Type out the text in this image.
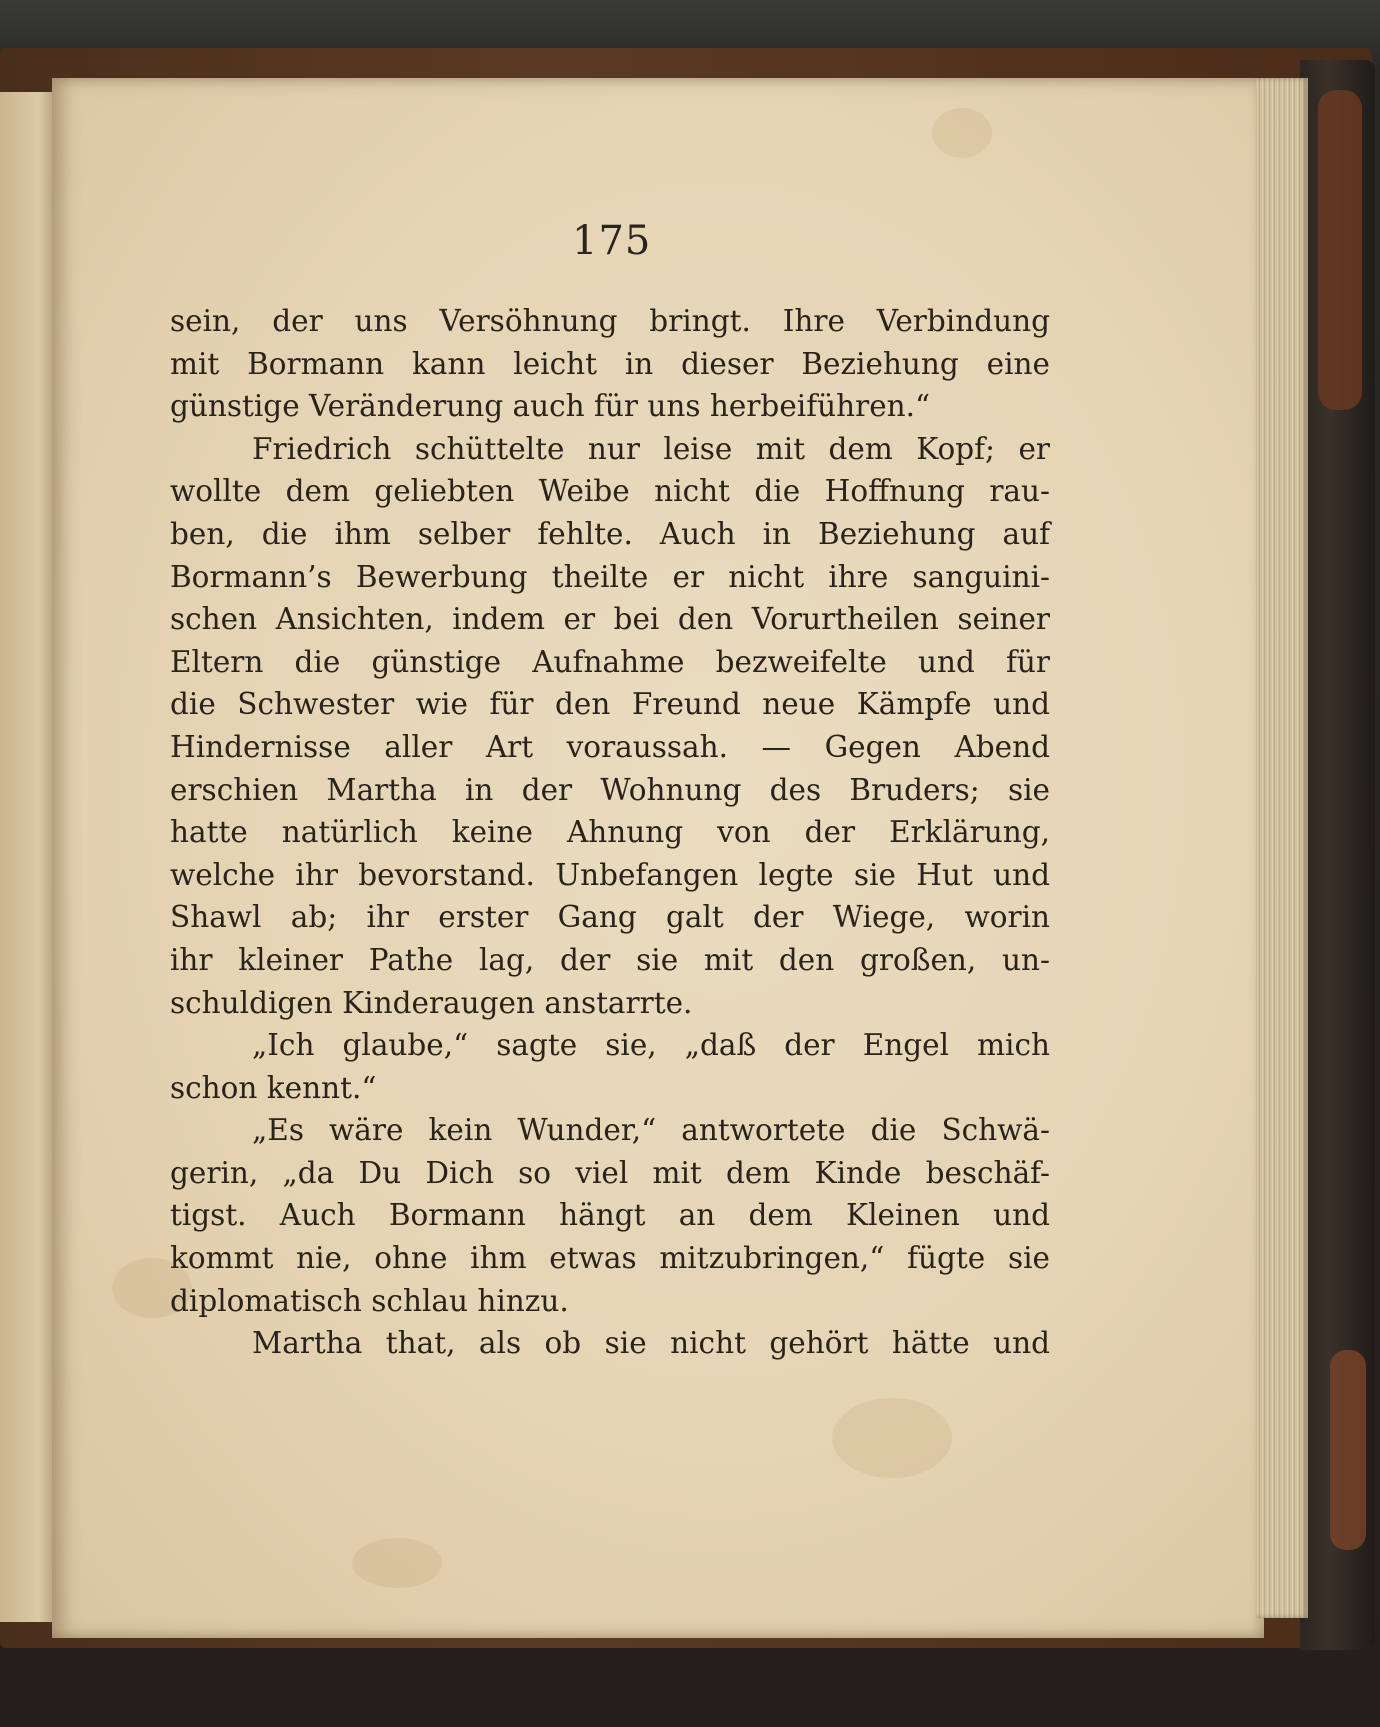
175
sein, der uns Versöhnung bringt. Ihre Verbindung
mit Bormann kann leicht in dieser Beziehung eine
günstige Veränderung auch für uns herbeiführen.“
Friedrich schüttelte nur leise mit dem Kopf; er
wollte dem geliebten Weibe nicht die Hoffnung rau-
ben, die ihm selber fehlte. Auch in Beziehung auf
Bormann’s Bewerbung theilte er nicht ihre sanguini-
schen Ansichten, indem er bei den Vorurtheilen seiner
Eltern die günstige Aufnahme bezweifelte und für
die Schwester wie für den Freund neue Kämpfe und
Hindernisse aller Art voraussah. — Gegen Abend
erschien Martha in der Wohnung des Bruders; sie
hatte natürlich keine Ahnung von der Erklärung,
welche ihr bevorstand. Unbefangen legte sie Hut und
Shawl ab; ihr erster Gang galt der Wiege, worin
ihr kleiner Pathe lag, der sie mit den großen, un-
schuldigen Kinderaugen anstarrte.
„Ich glaube,“ sagte sie, „daß der Engel mich
schon kennt.“
„Es wäre kein Wunder,“ antwortete die Schwä-
gerin, „da Du Dich so viel mit dem Kinde beschäf-
tigst. Auch Bormann hängt an dem Kleinen und
kommt nie, ohne ihm etwas mitzubringen,“ fügte sie
diplomatisch schlau hinzu.
Martha that, als ob sie nicht gehört hätte und
